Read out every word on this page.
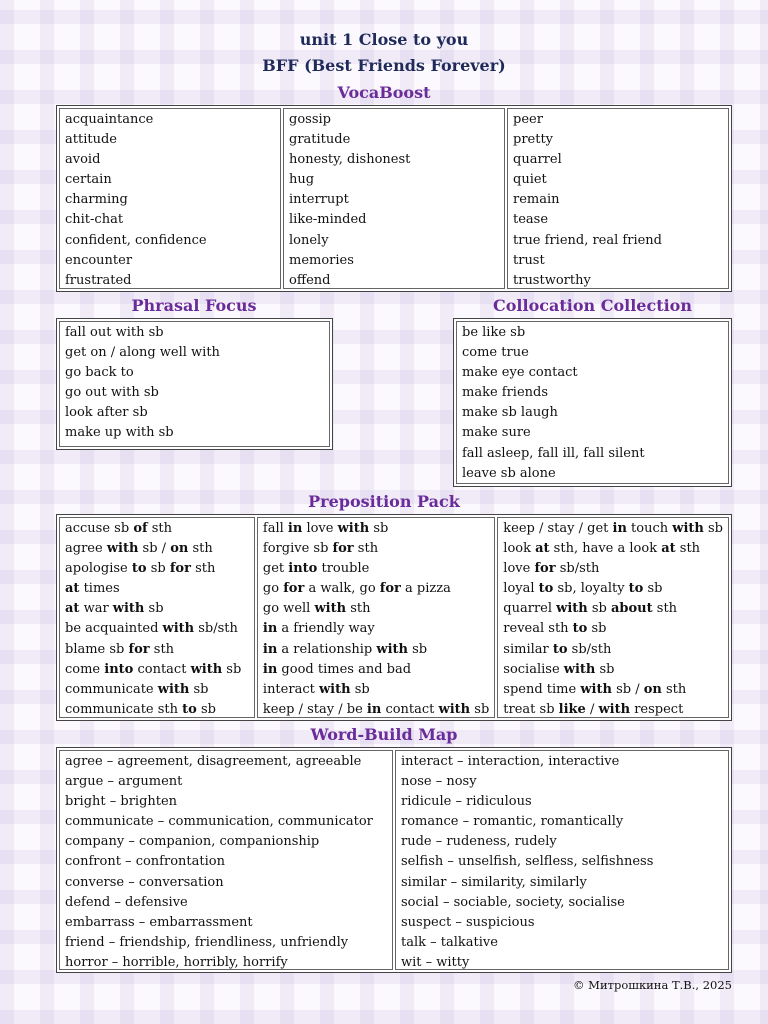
unit 1 Close to you
BFF (Best Friends Forever)
VocaBoost
acquaintance
attitude
avoid
certain
charming
chit-chat
confident, confidence
encounter
frustrated
gossip
gratitude
honesty, dishonest
hug
interrupt
like-minded
lonely
memories
offend
peer
pretty
quarrel
quiet
remain
tease
true friend, real friend
trust
trustworthy
Phrasal Focus
fall out with sb
get on / along well with
go back to
go out with sb
look after sb
make up with sb
Collocation Collection
be like sb
come true
make eye contact
make friends
make sb laugh
make sure
fall asleep, fall ill, fall silent
leave sb alone
Preposition Pack
accuse sb of sth
agree with sb / on sth
apologise to sb for sth
at times
at war with sb
be acquainted with sb/sth
blame sb for sth
come into contact with sb
communicate with sb
communicate sth to sb
fall in love with sb
forgive sb for sth
get into trouble
go for a walk, go for a pizza
go well with sth
in a friendly way
in a relationship with sb
in good times and bad
interact with sb
keep / stay / be in contact with sb
keep / stay / get in touch with sb
look at sth, have a look at sth
love for sb/sth
loyal to sb, loyalty to sb
quarrel with sb about sth
reveal sth to sb
similar to sb/sth
socialise with sb
spend time with sb / on sth
treat sb like / with respect
Word-Build Map
agree – agreement, disagreement, agreeable
argue – argument
bright – brighten
communicate – communication, communicator
company – companion, companionship
confront – confrontation
converse – conversation
defend – defensive
embarrass – embarrassment
friend – friendship, friendliness, unfriendly
horror – horrible, horribly, horrify
interact – interaction, interactive
nose – nosy
ridicule – ridiculous
romance – romantic, romantically
rude – rudeness, rudely
selfish – unselfish, selfless, selfishness
similar – similarity, similarly
social – sociable, society, socialise
suspect – suspicious
talk – talkative
wit – witty
© Митрошкина Т.В., 2025
